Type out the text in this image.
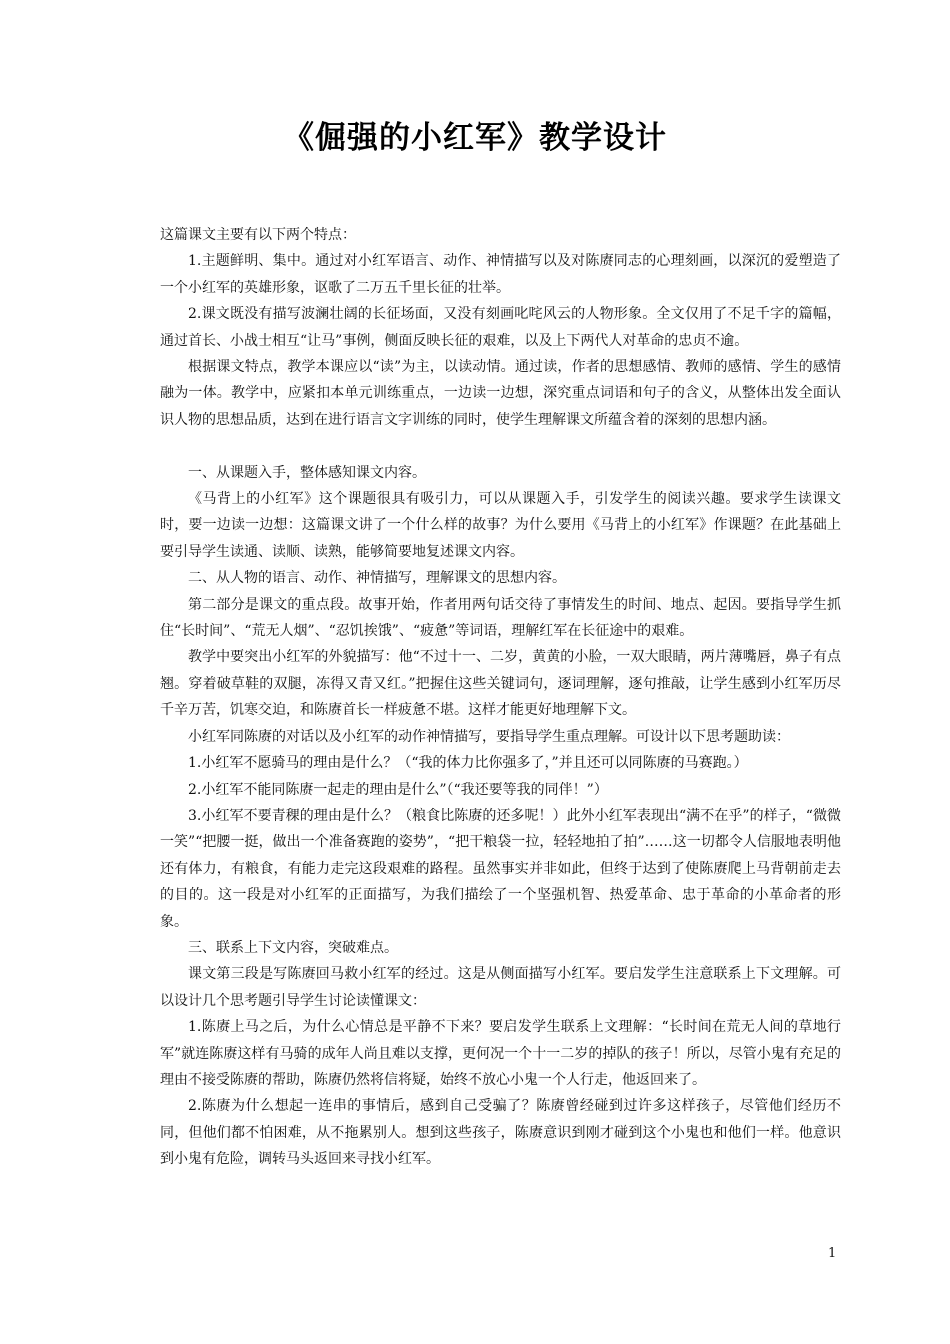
《倔强的小红军》教学设计

这篇课文主要有以下两个特点：

1.主题鲜明、集中。通过对小红军语言、动作、神情描写以及对陈赓同志的心理刻画，以深沉的爱塑造了一个小红军的英雄形象，讴歌了二万五千里长征的壮举。

2.课文既没有描写波澜壮阔的长征场面，又没有刻画叱咤风云的人物形象。全文仅用了不足千字的篇幅，通过首长、小战士相互“让马”事例，侧面反映长征的艰难，以及上下两代人对革命的忠贞不逾。

根据课文特点，教学本课应以“读”为主，以读动情。通过读，作者的思想感情、教师的感情、学生的感情融为一体。教学中，应紧扣本单元训练重点，一边读一边想，深究重点词语和句子的含义，从整体出发全面认识人物的思想品质，达到在进行语言文字训练的同时，使学生理解课文所蕴含着的深刻的思想内涵。

一、从课题入手，整体感知课文内容。

《马背上的小红军》这个课题很具有吸引力，可以从课题入手，引发学生的阅读兴趣。要求学生读课文时，要一边读一边想：这篇课文讲了一个什么样的故事？为什么要用《马背上的小红军》作课题？在此基础上要引导学生读通、读顺、读熟，能够简要地复述课文内容。

二、从人物的语言、动作、神情描写，理解课文的思想内容。

第二部分是课文的重点段。故事开始，作者用两句话交待了事情发生的时间、地点、起因。要指导学生抓住“长时间”、“荒无人烟”、“忍饥挨饿”、“疲惫”等词语，理解红军在长征途中的艰难。

教学中要突出小红军的外貌描写：他“不过十一、二岁，黄黄的小脸，一双大眼睛，两片薄嘴唇，鼻子有点翘。穿着破草鞋的双腿，冻得又青又红。”把握住这些关键词句，逐词理解，逐句推敲，让学生感到小红军历尽千辛万苦，饥寒交迫，和陈赓首长一样疲惫不堪。这样才能更好地理解下文。

小红军同陈赓的对话以及小红军的动作神情描写，要指导学生重点理解。可设计以下思考题助读：

1.小红军不愿骑马的理由是什么？（“我的体力比你强多了，”并且还可以同陈赓的马赛跑。）

2.小红军不能同陈赓一起走的理由是什么”（“我还要等我的同伴！”）

3.小红军不要青稞的理由是什么？（粮食比陈赓的还多呢！）此外小红军表现出“满不在乎”的样子，“微微一笑”“把腰一挺，做出一个准备赛跑的姿势”，“把干粮袋一拉，轻轻地拍了拍”……这一切都令人信服地表明他还有体力，有粮食，有能力走完这段艰难的路程。虽然事实并非如此，但终于达到了使陈赓爬上马背朝前走去的目的。这一段是对小红军的正面描写，为我们描绘了一个坚强机智、热爱革命、忠于革命的小革命者的形象。

三、联系上下文内容，突破难点。

课文第三段是写陈赓回马救小红军的经过。这是从侧面描写小红军。要启发学生注意联系上下文理解。可以设计几个思考题引导学生讨论读懂课文：

1.陈赓上马之后，为什么心情总是平静不下来？要启发学生联系上文理解：“长时间在荒无人间的草地行军”就连陈赓这样有马骑的成年人尚且难以支撑，更何况一个十一二岁的掉队的孩子！所以，尽管小鬼有充足的理由不接受陈赓的帮助，陈赓仍然将信将疑，始终不放心小鬼一个人行走，他返回来了。

2.陈赓为什么想起一连串的事情后，感到自己受骗了？陈赓曾经碰到过许多这样孩子，尽管他们经历不同，但他们都不怕困难，从不拖累别人。想到这些孩子，陈赓意识到刚才碰到这个小鬼也和他们一样。他意识到小鬼有危险，调转马头返回来寻找小红军。

1
